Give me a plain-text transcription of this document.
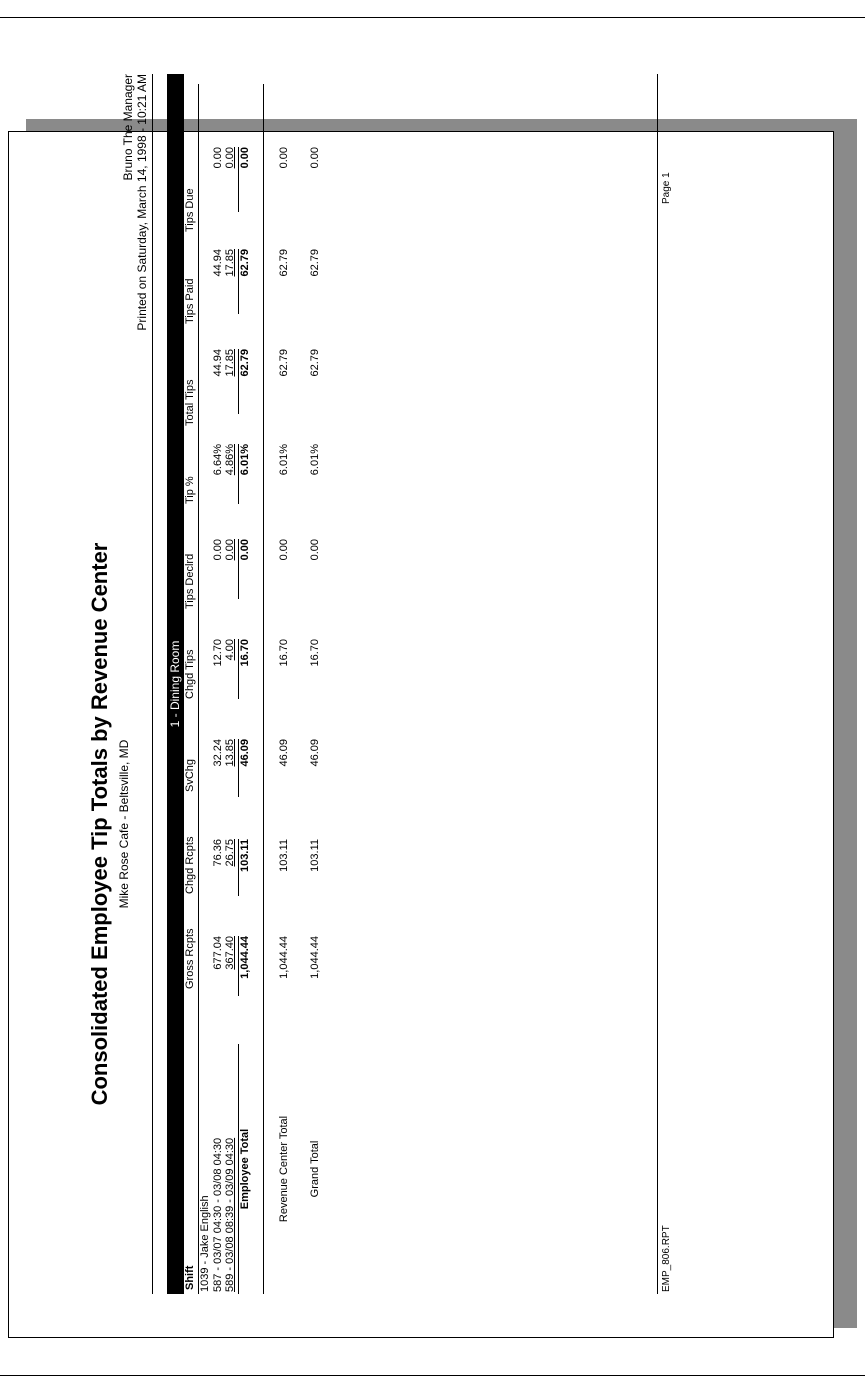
Consolidated Employee Tip Totals by Revenue Center Mike Rose Cafe - Beltsville, MD
Bruno The Manager Printed on Saturday, March 14, 1998 - 10:21 AM
1 - Dining Room
Shift
Gross Rcpts
Chgd Rcpts
SvChg
Chgd Tips
Tips Declrd
Tip %
Total Tips
Tips Paid
Tips Due
1039 - Jake English 587 - 03/07 04:30 - 03/08 04:30
677.04
76.36
32.24
12.70
0.00
6.64%
44.94
44.94
0.00
589 - 03/08 08:39 - 03/09 04:30
367.40
26.75
13.85
4.00
0.00
4.86%
17.85
17.85
0.00
Employee Total
1,044.44
103.11
46.09
16.70
0.00
6.01%
62.79
62.79
0.00
Revenue Center Total
1,044.44
103.11
46.09
16.70
0.00
6.01%
62.79
62.79
0.00
Grand Total
1,044.44
103.11
46.09
16.70
0.00
6.01%
62.79
62.79
0.00
EMP_806.RPT
Page 1
